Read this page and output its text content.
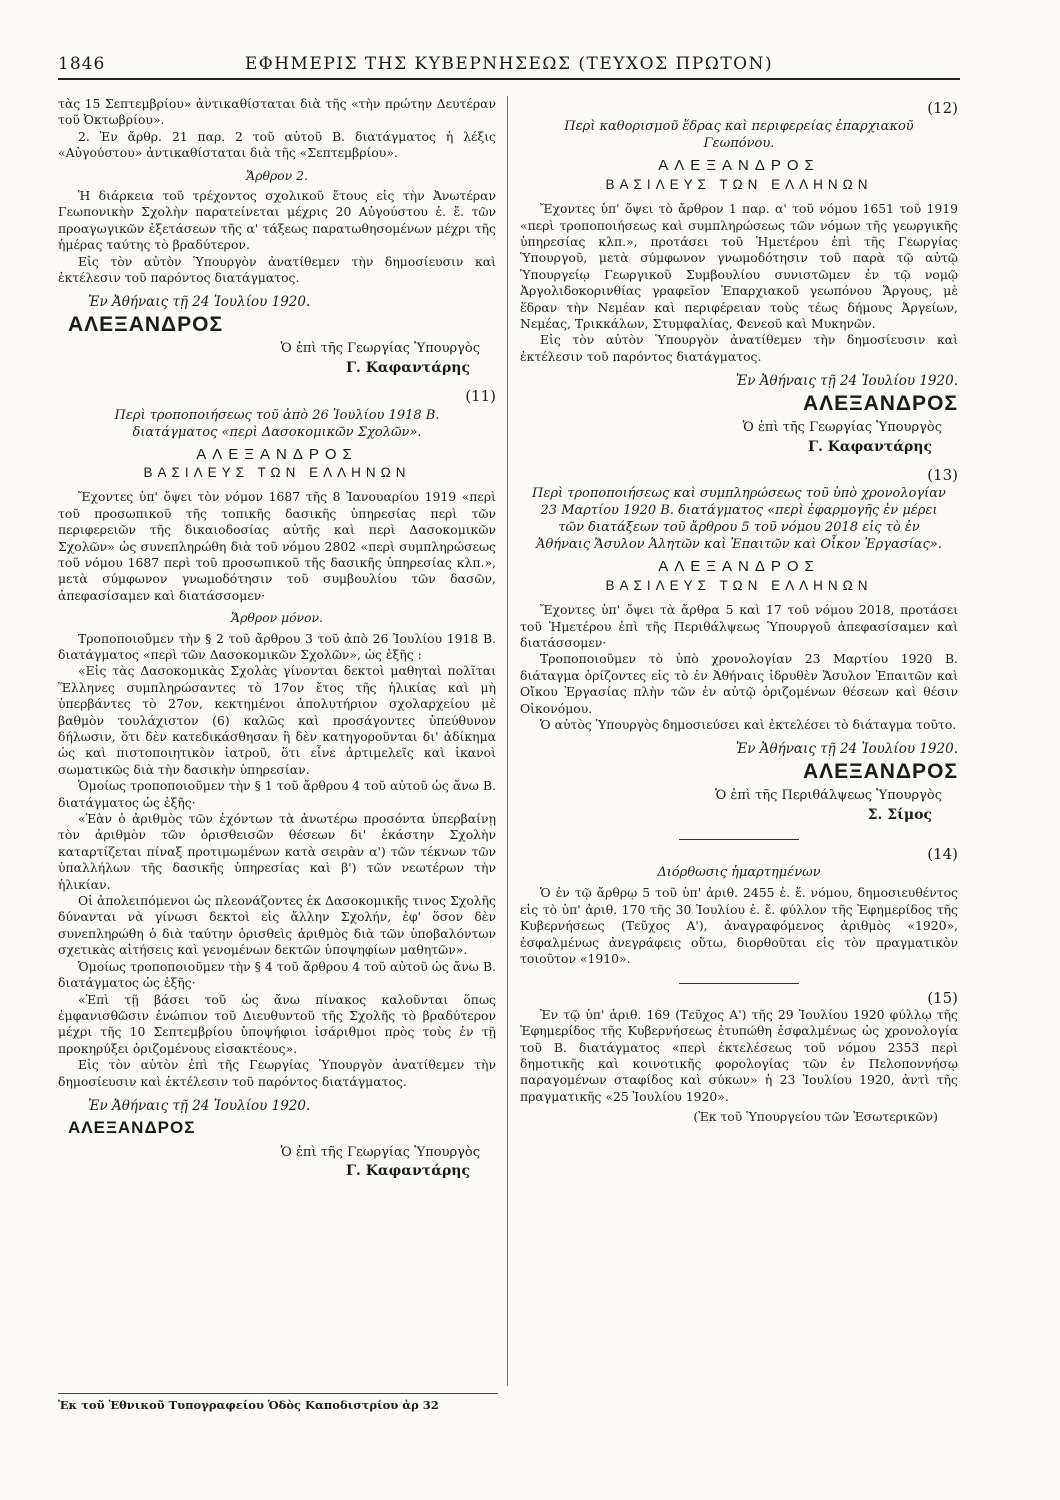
1846	ΕΦΗΜΕΡΙΣ ΤΗΣ ΚΥΒΕΡΝΗΣΕΩΣ (ΤΕΥΧΟΣ ΠΡΩΤΟΝ)

τὰς 15 Σεπτεμβρίου» ἀντικαθίσταται διὰ τῆς «τὴν πρώτην Δευτέραν τοῦ Ὀκτωβρίου».

2. Ἐν ἄρθρ. 21 παρ. 2 τοῦ αὐτοῦ Β. διατάγματος ἡ λέξις «Αὐγούστου» ἀντικαθίσταται διὰ τῆς «Σεπτεμβρίου».

Ἄρθρον 2.

Ἡ διάρκεια τοῦ τρέχοντος σχολικοῦ ἔτους εἰς τὴν Ἀνωτέραν Γεωπονικὴν Σχολὴν παρατείνεται μέχρις 20 Αὐγούστου ἐ. ἔ. τῶν προαγωγικῶν ἐξετάσεων τῆς α' τάξεως παρατωθησομένων μέχρι τῆς ἡμέρας ταύτης τὸ βραδύτερον.

Εἰς τὸν αὐτὸν Ὑπουργὸν ἀνατίθεμεν τὴν δημοσίευσιν καὶ ἐκτέλεσιν τοῦ παρόντος διατάγματος.

Ἐν Ἀθήναις τῇ 24 Ἰουλίου 1920.
ΑΛΕΞΑΝΔΡΟΣ
Ὁ ἐπὶ τῆς Γεωργίας Ὑπουργὸς
Γ. Καφαντάρης
(11)
Περὶ τροποποιήσεως τοῦ ἀπὸ 26 Ἰουλίου 1918 Β. διατάγματος «περὶ Δασοκομικῶν Σχολῶν».
ΑΛΕΞΑΝΔΡΟΣ
ΒΑΣΙΛΕΥΣ ΤΩΝ ΕΛΛΗΝΩΝ

Ἔχοντες ὑπ' ὄψει τὸν νόμον 1687 τῆς 8 Ἰανουαρίου 1919 «περὶ τοῦ προσωπικοῦ τῆς τοπικῆς δασικῆς ὑπηρεσίας περὶ τῶν περιφερειῶν τῆς δικαιοδοσίας αὐτῆς καὶ περὶ Δασοκομικῶν Σχολῶν» ὡς συνεπληρώθη διὰ τοῦ νόμου 2802 «περὶ συμπληρώσεως τοῦ νόμου 1687 περὶ τοῦ προσωπικοῦ τῆς δασικῆς ὑπηρεσίας κλπ.», μετὰ σύμφωνον γνωμοδότησιν τοῦ συμβουλίου τῶν δασῶν, ἀπεφασίσαμεν καὶ διατάσσομεν·

Ἄρθρον μόνον.

Τροποποιοῦμεν τὴν § 2 τοῦ ἄρθρου 3 τοῦ ἀπὸ 26 Ἰουλίου 1918 Β. διατάγματος «περὶ τῶν Δασοκομικῶν Σχολῶν», ὡς ἑξῆς :

«Εἰς τὰς Δασοκομικὰς Σχολὰς γίνονται δεκτοὶ μαθηταὶ πολῖται Ἕλληνες συμπληρώσαντες τὸ 17ον ἔτος τῆς ἡλικίας καὶ μὴ ὑπερβάντες τὸ 27ον, κεκτημένοι ἀπολυτήριον σχολαρχείου μὲ βαθμὸν τουλάχιστον (6) καλῶς καὶ προσάγοντες ὑπεύθυνον δήλωσιν, ὅτι δὲν κατεδικάσθησαν ἢ δὲν κατηγοροῦνται δι' ἀδίκημα ὡς καὶ πιστοποιητικὸν ἰατροῦ, ὅτι εἶνε ἀρτιμελεῖς καὶ ἱκανοὶ σωματικῶς διὰ τὴν δασικὴν ὑπηρεσίαν.

Ὁμοίως τροποποιοῦμεν τὴν § 1 τοῦ ἄρθρου 4 τοῦ αὐτοῦ ὡς ἄνω Β. διατάγματος ὡς ἑξῆς·

«Ἐὰν ὁ ἀριθμὸς τῶν ἐχόντων τὰ ἀνωτέρω προσόντα ὑπερβαίνῃ τὸν ἀριθμὸν τῶν ὁρισθεισῶν θέσεων δι' ἑκάστην Σχολὴν καταρτίζεται πίναξ προτιμωμένων κατὰ σειρὰν α') τῶν τέκνων τῶν ὑπαλλήλων τῆς δασικῆς ὑπηρεσίας καὶ β') τῶν νεωτέρων τὴν ἡλικίαν.

Οἱ ἀπολειπόμενοι ὡς πλεονάζοντες ἐκ Δασοκομικῆς τινος Σχολῆς δύνανται νὰ γίνωσι δεκτοὶ εἰς ἄλλην Σχολήν, ἐφ' ὅσον δὲν συνεπληρώθη ὁ διὰ ταύτην ὁρισθεὶς ἀριθμὸς διὰ τῶν ὑποβαλόντων σχετικὰς αἰτήσεις καὶ γενομένων δεκτῶν ὑποψηφίων μαθητῶν».

Ὁμοίως τροποποιοῦμεν τὴν § 4 τοῦ ἄρθρου 4 τοῦ αὐτοῦ ὡς ἄνω Β. διατάγματος ὡς ἑξῆς·

«Ἐπὶ τῇ βάσει τοῦ ὡς ἄνω πίνακος καλοῦνται ὅπως ἐμφανισθῶσιν ἐνώπιον τοῦ Διευθυντοῦ τῆς Σχολῆς τὸ βραδύτερον μέχρι τῆς 10 Σεπτεμβρίου ὑποψήφιοι ἰσάριθμοι πρὸς τοὺς ἐν τῇ προκηρύξει ὁριζομένους εἰσακτέους».

Εἰς τὸν αὐτὸν ἐπὶ τῆς Γεωργίας Ὑπουργὸν ἀνατίθεμεν τὴν δημοσίευσιν καὶ ἐκτέλεσιν τοῦ παρόντος διατάγματος.

Ἐν Ἀθήναις τῇ 24 Ἰουλίου 1920.
ΑΛΕΞΑΝΔΡΟΣ
Ὁ ἐπὶ τῆς Γεωργίας Ὑπουργὸς
Γ. Καφαντάρης
(12)
Περὶ καθορισμοῦ ἕδρας καὶ περιφερείας ἐπαρχιακοῦ Γεωπόνου.
ΑΛΕΞΑΝΔΡΟΣ
ΒΑΣΙΛΕΥΣ ΤΩΝ ΕΛΛΗΝΩΝ

Ἔχοντες ὑπ' ὄψει τὸ ἄρθρον 1 παρ. α' τοῦ νόμου 1651 τοῦ 1919 «περὶ τροποποιήσεως καὶ συμπληρώσεως τῶν νόμων τῆς γεωργικῆς ὑπηρεσίας κλπ.», προτάσει τοῦ Ἡμετέρου ἐπὶ τῆς Γεωργίας Ὑπουργοῦ, μετὰ σύμφωνον γνωμοδότησιν τοῦ παρὰ τῷ αὐτῷ Ὑπουργείῳ Γεωργικοῦ Συμβουλίου συνιστῶμεν ἐν τῷ νομῷ Ἀργολιδοκορινθίας γραφεῖον Ἐπαρχιακοῦ γεωπόνου Ἄργους, μὲ ἕδραν τὴν Νεμέαν καὶ περιφέρειαν τοὺς τέως δήμους Ἀργείων, Νεμέας, Τρικκάλων, Στυμφαλίας, Φενεοῦ καὶ Μυκηνῶν.

Εἰς τὸν αὐτὸν Ὑπουργὸν ἀνατίθεμεν τὴν δημοσίευσιν καὶ ἐκτέλεσιν τοῦ παρόντος διατάγματος.

Ἐν Ἀθήναις τῇ 24 Ἰουλίου 1920.
ΑΛΕΞΑΝΔΡΟΣ
Ὁ ἐπὶ τῆς Γεωργίας Ὑπουργὸς
Γ. Καφαντάρης
(13)
Περὶ τροποποιήσεως καὶ συμπληρώσεως τοῦ ὑπὸ χρονολογίαν 23 Μαρτίου 1920 Β. διατάγματος «περὶ ἐφαρμογῆς ἐν μέρει τῶν διατάξεων τοῦ ἄρθρου 5 τοῦ νόμου 2018 εἰς τὸ ἐν Ἀθήναις Ἄσυλον Ἀλητῶν καὶ Ἐπαιτῶν καὶ Οἶκον Ἐργασίας».
ΑΛΕΞΑΝΔΡΟΣ
ΒΑΣΙΛΕΥΣ ΤΩΝ ΕΛΛΗΝΩΝ

Ἔχοντες ὑπ' ὄψει τὰ ἄρθρα 5 καὶ 17 τοῦ νόμου 2018, προτάσει τοῦ Ἡμετέρου ἐπὶ τῆς Περιθάλψεως Ὑπουργοῦ ἀπεφασίσαμεν καὶ διατάσσομεν·

Τροποποιοῦμεν τὸ ὑπὸ χρονολογίαν 23 Μαρτίου 1920 Β. διάταγμα ὁρίζοντες εἰς τὸ ἐν Ἀθήναις ἱδρυθὲν Ἄσυλον Ἐπαιτῶν καὶ Οἴκου Ἐργασίας πλὴν τῶν ἐν αὐτῷ ὁριζομένων θέσεων καὶ θέσιν Οἰκονόμου.

Ὁ αὐτὸς Ὑπουργὸς δημοσιεύσει καὶ ἐκτελέσει τὸ διάταγμα τοῦτο.

Ἐν Ἀθήναις τῇ 24 Ἰουλίου 1920.
ΑΛΕΞΑΝΔΡΟΣ
Ὁ ἐπὶ τῆς Περιθάλψεως Ὑπουργὸς
Σ. Σίμος
(14)
Διόρθωσις ἡμαρτημένων

Ὁ ἐν τῷ ἄρθρῳ 5 τοῦ ὑπ' ἀριθ. 2455 ἐ. ἔ. νόμου, δημοσιευθέντος εἰς τὸ ὑπ' ἀριθ. 170 τῆς 30 Ἰουλίου ἐ. ἔ. φύλλον τῆς Ἐφημερίδος τῆς Κυβερνήσεως (Τεῦχος Α'), ἀναγραφόμενος ἀριθμὸς «1920», ἐσφαλμένως ἀνεγράφεις οὕτω, διορθοῦται εἰς τὸν πραγματικὸν τοιοῦτον «1910».

(15)

Ἐν τῷ ὑπ' ἀριθ. 169 (Τεῦχος Α') τῆς 29 Ἰουλίου 1920 φύλλῳ τῆς Ἐφημερίδος τῆς Κυβερνήσεως ἐτυπώθη ἐσφαλμένως ὡς χρονολογία τοῦ Β. διατάγματος «περὶ ἐκτελέσεως τοῦ νόμου 2353 περὶ δημοτικῆς καὶ κοινοτικῆς φορολογίας τῶν ἐν Πελοποννήσῳ παραγομένων σταφίδος καὶ σύκων» ἡ 23 Ἰουλίου 1920, ἀντὶ τῆς πραγματικῆς «25 Ἰουλίου 1920».

(Ἐκ τοῦ Ὑπουργείου τῶν Ἐσωτερικῶν)
Ἐκ τοῦ Ἐθνικοῦ Τυπογραφείου Ὁδὸς Καποδιστρίου ἀρ 32
